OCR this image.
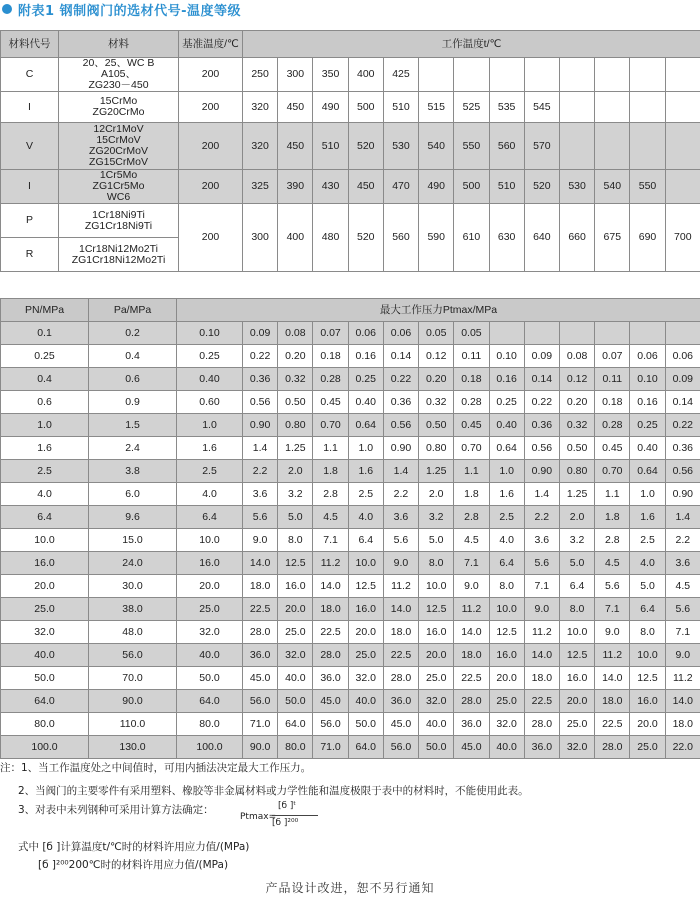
附表1 钢制阀门的选材代号-温度等级
材料代号	材料	基准温度/℃	工作温度t/℃												
C	20、25、WC B
A105、
ZG230－450	200	250	300	350	400	425								
I	15CrMo
ZG20CrMo	200	320	450	490	500	510	515	525	535	545				
V	12Cr1MoV
15CrMoV
ZG20CrMoV
ZG15CrMoV	200	320	450	510	520	530	540	550	560	570				
I	1Cr5Mo
ZG1Cr5Mo
WC6	200	325	390	430	450	470	490	500	510	520	530	540	550	
P	1Cr18Ni9Ti
ZG1Cr18Ni9Ti	200	300	400	480	520	560	590	610	630	640	660	675	690	700
R	1Cr18Ni12Mo2Ti
ZG1Cr18Ni12Mo2Ti														
PN/MPa	Pa/MPa	最大工作压力Ptmax/MPa													
0.1	0.2	0.10	0.09	0.08	0.07	0.06	0.06	0.05	0.05						
0.25	0.4	0.25	0.22	0.20	0.18	0.16	0.14	0.12	0.11	0.10	0.09	0.08	0.07	0.06	0.06
0.4	0.6	0.40	0.36	0.32	0.28	0.25	0.22	0.20	0.18	0.16	0.14	0.12	0.11	0.10	0.09
0.6	0.9	0.60	0.56	0.50	0.45	0.40	0.36	0.32	0.28	0.25	0.22	0.20	0.18	0.16	0.14
1.0	1.5	1.0	0.90	0.80	0.70	0.64	0.56	0.50	0.45	0.40	0.36	0.32	0.28	0.25	0.22
1.6	2.4	1.6	1.4	1.25	1.1	1.0	0.90	0.80	0.70	0.64	0.56	0.50	0.45	0.40	0.36
2.5	3.8	2.5	2.2	2.0	1.8	1.6	1.4	1.25	1.1	1.0	0.90	0.80	0.70	0.64	0.56
4.0	6.0	4.0	3.6	3.2	2.8	2.5	2.2	2.0	1.8	1.6	1.4	1.25	1.1	1.0	0.90
6.4	9.6	6.4	5.6	5.0	4.5	4.0	3.6	3.2	2.8	2.5	2.2	2.0	1.8	1.6	1.4
10.0	15.0	10.0	9.0	8.0	7.1	6.4	5.6	5.0	4.5	4.0	3.6	3.2	2.8	2.5	2.2
16.0	24.0	16.0	14.0	12.5	11.2	10.0	9.0	8.0	7.1	6.4	5.6	5.0	4.5	4.0	3.6
20.0	30.0	20.0	18.0	16.0	14.0	12.5	11.2	10.0	9.0	8.0	7.1	6.4	5.6	5.0	4.5
25.0	38.0	25.0	22.5	20.0	18.0	16.0	14.0	12.5	11.2	10.0	9.0	8.0	7.1	6.4	5.6
32.0	48.0	32.0	28.0	25.0	22.5	20.0	18.0	16.0	14.0	12.5	11.2	10.0	9.0	8.0	7.1
40.0	56.0	40.0	36.0	32.0	28.0	25.0	22.5	20.0	18.0	16.0	14.0	12.5	11.2	10.0	9.0
50.0	70.0	50.0	45.0	40.0	36.0	32.0	28.0	25.0	22.5	20.0	18.0	16.0	14.0	12.5	11.2
64.0	90.0	64.0	56.0	50.0	45.0	40.0	36.0	32.0	28.0	25.0	22.5	20.0	18.0	16.0	14.0
80.0	110.0	80.0	71.0	64.0	56.0	50.0	45.0	40.0	36.0	32.0	28.0	25.0	22.5	20.0	18.0
100.0	130.0	100.0	90.0	80.0	71.0	64.0	56.0	50.0	45.0	40.0	36.0	32.0	28.0	25.0	22.0
注：1、当工作温度处之中间值时，可用内插法决定最大工作压力。
2、当阀门的主要零件有采用塑料、橡胶等非金属材料或力学性能和温度极限于表中的材料时，不能使用此表。
3、对表中未列钢种可采用计算方法确定：
Ptmax=
[б ]ᵗ
[б ]²⁰⁰
式中 [б ]计算温度t/℃时的材料许用应力值/(MPa)
[б ]²⁰⁰200℃时的材料许用应力值/(MPa)
产品设计改进，恕不另行通知
